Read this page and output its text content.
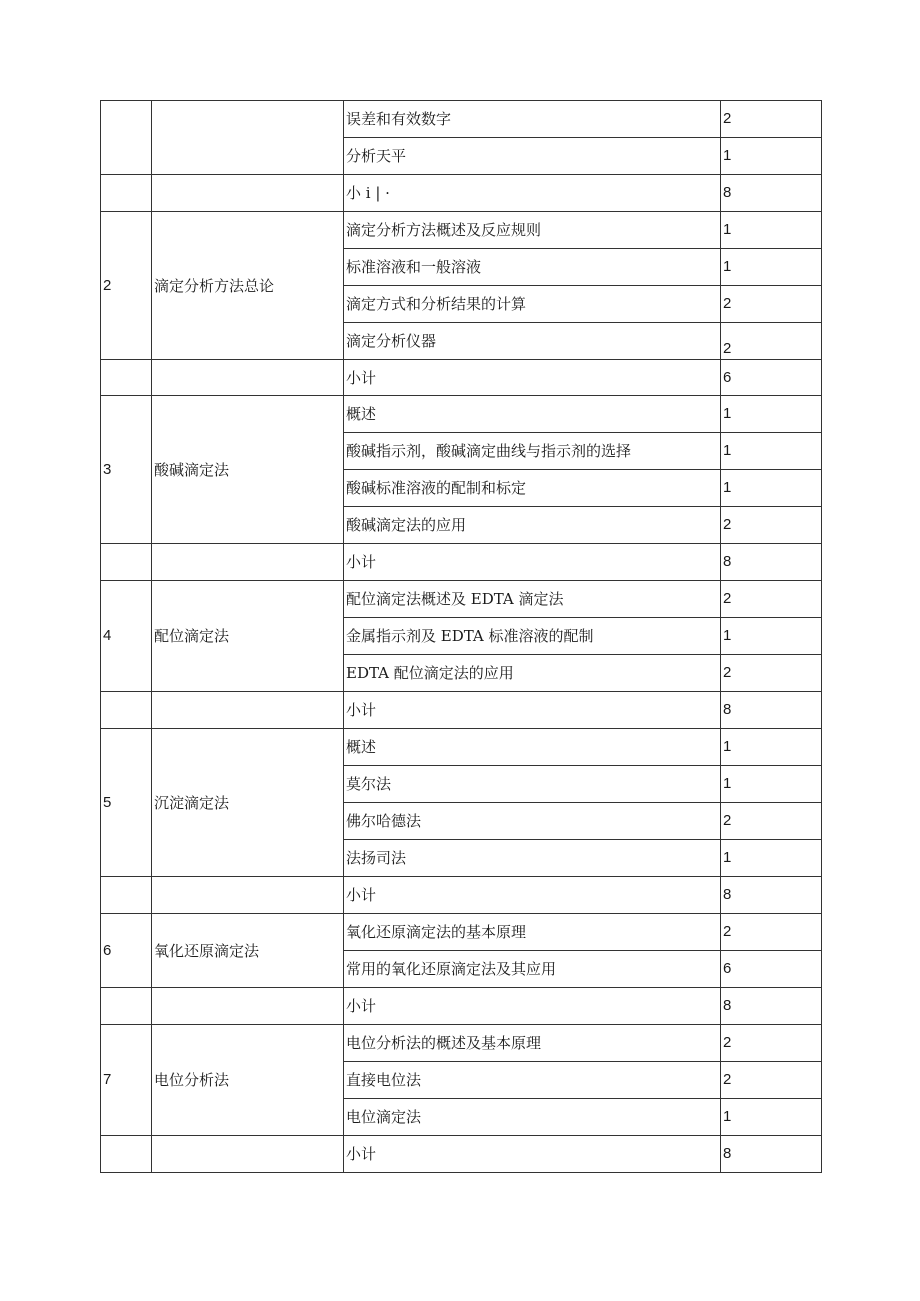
		误差和有效数字	2
		分析天平	1
		小 i | ·	8
2	滴定分析方法总论	滴定分析方法概述及反应规则	1
		标准溶液和一般溶液	1
		滴定方式和分析结果的计算	2
		滴定分析仪器	2
		小计	6
3	酸碱滴定法	概述	1
		酸碱指示剂，酸碱滴定曲线与指示剂的选择	1
		酸碱标准溶液的配制和标定	1
		酸碱滴定法的应用	2
		小计	8
4	配位滴定法	配位滴定法概述及 EDTA 滴定法	2
		金属指示剂及 EDTA 标准溶液的配制	1
		EDTA 配位滴定法的应用	2
		小计	8
5	沉淀滴定法	概述	1
		莫尔法	1
		佛尔哈德法	2
		法扬司法	1
		小计	8
6	氧化还原滴定法	氧化还原滴定法的基本原理	2
		常用的氧化还原滴定法及其应用	6
		小计	8
7	电位分析法	电位分析法的概述及基本原理	2
		直接电位法	2
		电位滴定法	1
		小计	8
